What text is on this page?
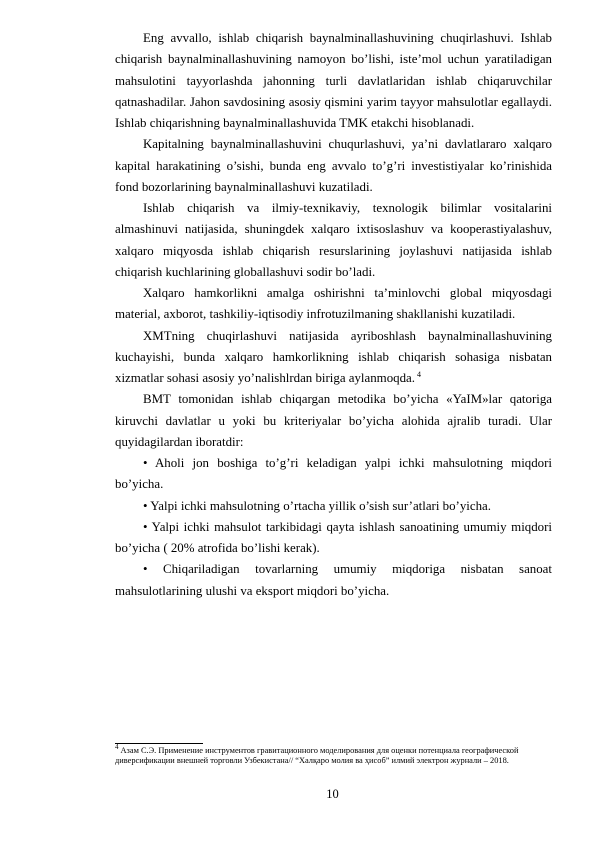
Eng avvallo, ishlab chiqarish baynalminallashuvining chuqirlashuvi. Ishlab chiqarish baynalminallashuvining namoyon bo’lishi, iste’mol uchun yaratiladigan mahsulotini tayyorlashda jahonning turli davlatlaridan ishlab chiqaruvchilar qatnashadilar. Jahon savdosining asosiy qismini yarim tayyor mahsulotlar egallaydi. Ishlab chiqarishning baynalminallashuvida TMK etakchi hisoblanadi.

Kapitalning baynalminallashuvini chuqurlashuvi, ya’ni davlatlararo xalqaro kapital harakatining o’sishi, bunda eng avvalo to’g’ri investistiyalar ko’rinishida fond bozorlarining baynalminallashuvi kuzatiladi.

Ishlab chiqarish va ilmiy-texnikaviy, texnologik bilimlar vositalarini almashinuvi natijasida, shuningdek xalqaro ixtisoslashuv va kooperastiyalashuv, xalqaro miqyosda ishlab chiqarish resurslarining joylashuvi natijasida ishlab chiqarish kuchlarining globallashuvi sodir bo’ladi.

Xalqaro hamkorlikni amalga oshirishni ta’minlovchi global miqyosdagi material, axborot, tashkiliy-iqtisodiy infrotuzilmaning shakllanishi kuzatiladi.

XMTning chuqirlashuvi natijasida ayriboshlash baynalminallashuvining kuchayishi, bunda xalqaro hamkorlikning ishlab chiqarish sohasiga nisbatan xizmatlar sohasi asosiy yo’nalishlrdan biriga aylanmoqda. $^4$

BMT tomonidan ishlab chiqargan metodika bo’yicha «YaIM»lar qatoriga kiruvchi davlatlar u yoki bu kriteriyalar bo’yicha alohida ajralib turadi. Ular quyidagilardan iboratdir:

• Aholi jon boshiga to’g’ri keladigan yalpi ichki mahsulotning miqdori bo’yicha.

• Yalpi ichki mahsulotning o’rtacha yillik o’sish sur’atlari bo’yicha.

• Yalpi ichki mahsulot tarkibidagi qayta ishlash sanoatining umumiy miqdori bo’yicha ( 20% atrofida bo’lishi kerak).

• Chiqariladigan tovarlarning umumiy miqdoriga nisbatan sanoat mahsulotlarining ulushi va eksport miqdori bo’yicha.

$^4$ Азам С.Э. Применение инструментов гравитационного моделирования для оценки потенциала географической диверсификации внешней торговли Узбекистана// “Халқаро молия ва ҳисоб” илмий электрон журнали – 2018.

10
